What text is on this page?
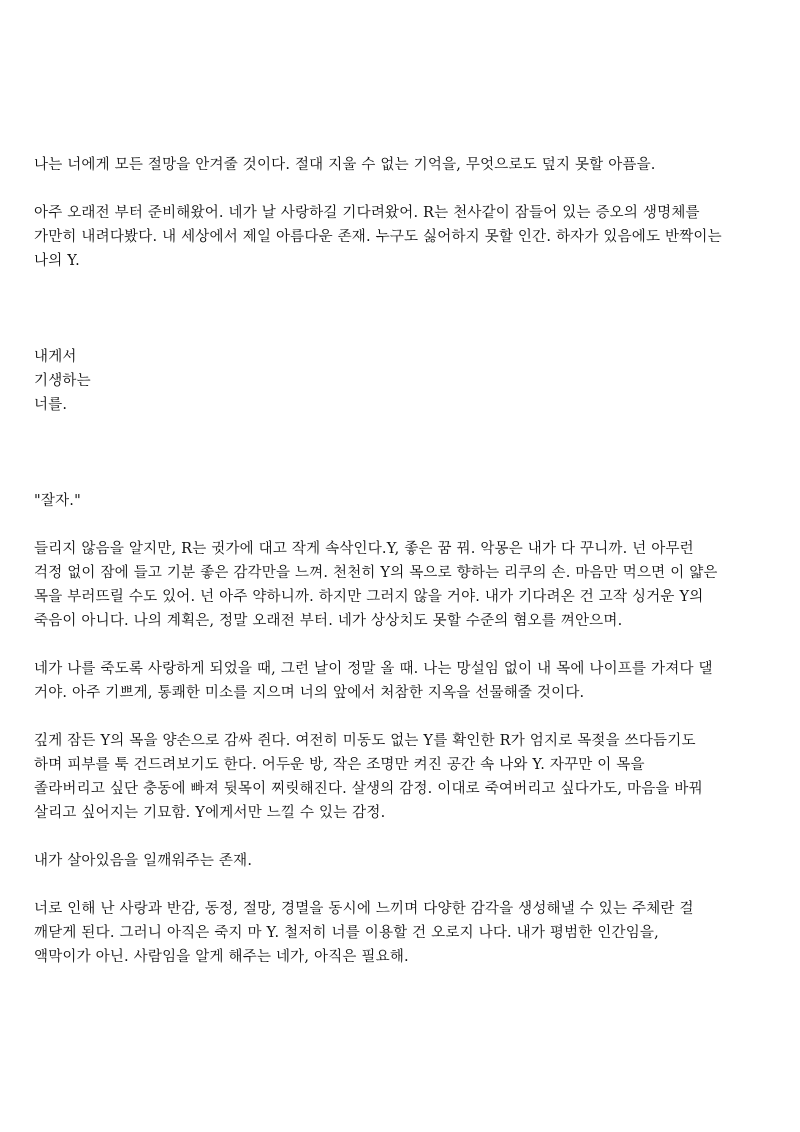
나는 너에게 모든 절망을 안겨줄 것이다. 절대 지울 수 없는 기억을, 무엇으로도 덮지 못할 아픔을.

아주 오래전 부터 준비해왔어. 네가 날 사랑하길 기다려왔어. R는 천사같이 잠들어 있는 증오의 생명체를
가만히 내려다봤다. 내 세상에서 제일 아름다운 존재. 누구도 싫어하지 못할 인간. 하자가 있음에도 반짝이는
나의 Y.

내게서
기생하는
너를.

"잘자."

들리지 않음을 알지만, R는 귓가에 대고 작게 속삭인다.Y, 좋은 꿈 꿔. 악몽은 내가 다 꾸니까. 넌 아무런
걱정 없이 잠에 들고 기분 좋은 감각만을 느껴. 천천히 Y의 목으로 향하는 리쿠의 손. 마음만 먹으면 이 얇은
목을 부러뜨릴 수도 있어. 넌 아주 약하니까. 하지만 그러지 않을 거야. 내가 기다려온 건 고작 싱거운 Y의
죽음이 아니다. 나의 계획은, 정말 오래전 부터. 네가 상상치도 못할 수준의 혐오를 껴안으며.

네가 나를 죽도록 사랑하게 되었을 때, 그런 날이 정말 올 때. 나는 망설임 없이 내 목에 나이프를 가져다 댈
거야. 아주 기쁘게, 통쾌한 미소를 지으며 너의 앞에서 처참한 지옥을 선물해줄 것이다.

깊게 잠든 Y의 목을 양손으로 감싸 쥔다. 여전히 미동도 없는 Y를 확인한 R가 엄지로 목젖을 쓰다듬기도
하며 피부를 툭 건드려보기도 한다. 어두운 방, 작은 조명만 켜진 공간 속 나와 Y. 자꾸만 이 목을
졸라버리고 싶단 충동에 빠져 뒷목이 찌릿해진다. 살생의 감정. 이대로 죽여버리고 싶다가도, 마음을 바꿔
살리고 싶어지는 기묘함. Y에게서만 느낄 수 있는 감정.

내가 살아있음을 일깨워주는 존재.

너로 인해 난 사랑과 반감, 동정, 절망, 경멸을 동시에 느끼며 다양한 감각을 생성해낼 수 있는 주체란 걸
깨닫게 된다. 그러니 아직은 죽지 마 Y. 철저히 너를 이용할 건 오로지 나다. 내가 평범한 인간임을,
액막이가 아닌. 사람임을 알게 해주는 네가, 아직은 필요해.
